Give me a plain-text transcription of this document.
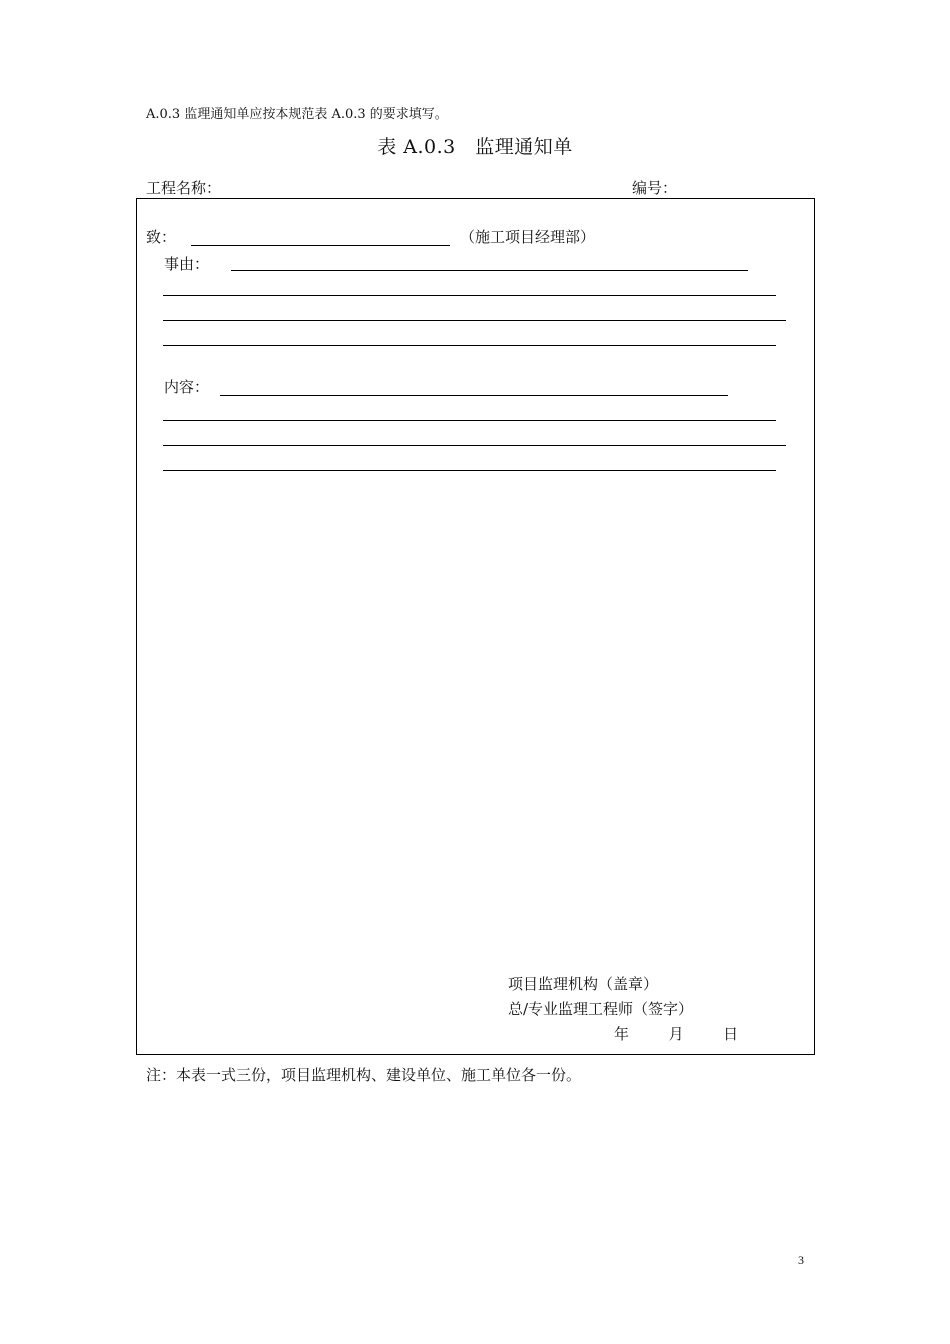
A.0.3 监理通知单应按本规范表 A.0.3 的要求填写。
表 A.0.3　监理通知单
工程名称：	编号：
致：	（施工项目经理部）
事由：
内容：
项目监理机构（盖章）
总/专业监理工程师（签字）
年	月	日
注：本表一式三份，项目监理机构、建设单位、施工单位各一份。
3
